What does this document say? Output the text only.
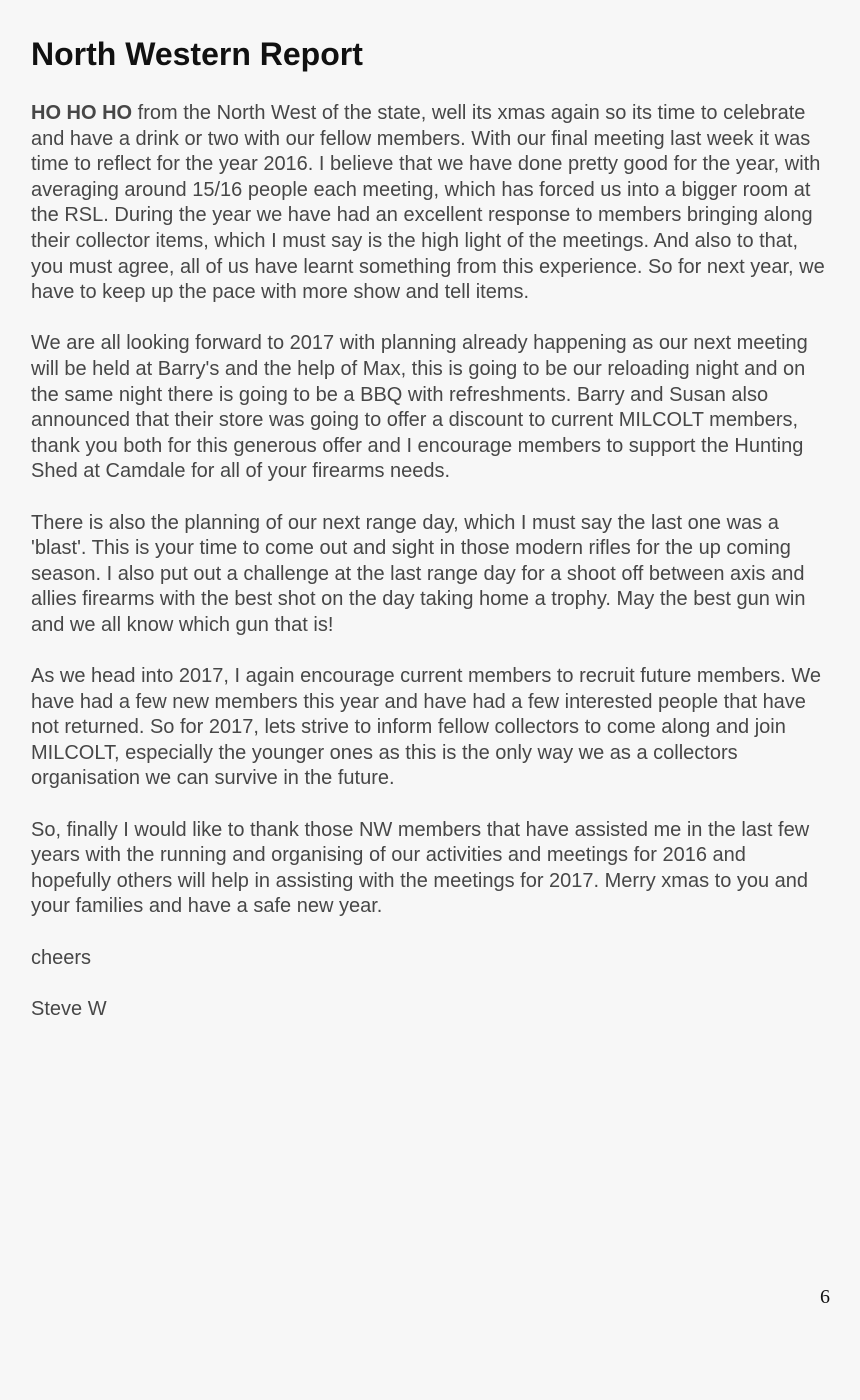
North Western Report

HO HO HO from the North West of the state, well its xmas again so its time to celebrate and have a drink or two with our fellow members. With our final meeting last week it was time to reflect for the year 2016. I believe that we have done pretty good for the year, with averaging around 15/16 people each meeting, which has forced us into a bigger room at the RSL. During the year we have had an excellent response to members bringing along their collector items, which I must say is the high light of the meetings. And also to that, you must agree, all of us have learnt something from this experience. So for next year, we have to keep up the pace with more show and tell items.

We are all looking forward to 2017 with planning already happening as our next meeting will be held at Barry's and the help of Max, this is going to be our reloading night and on the same night there is going to be a BBQ with refreshments. Barry and Susan also announced that their store was going to offer a discount to current MILCOLT members, thank you both for this generous offer and I encourage members to support the Hunting Shed at Camdale for all of your firearms needs.

There is also the planning of our next range day, which I must say the last one was a 'blast'. This is your time to come out and sight in those modern rifles for the up coming season. I also put out a challenge at the last range day for a shoot off between axis and allies firearms with the best shot on the day taking home a trophy. May the best gun win and we all know which gun that is!

As we head into 2017, I again encourage current members to recruit future members. We have had a few new members this year and have had a few interested people that have not returned. So for 2017, lets strive to inform fellow collectors to come along and join MILCOLT, especially the younger ones as this is the only way we as a collectors organisation we can survive in the future.

So, finally I would like to thank those NW members that have assisted me in the last few years with the running and organising of our activities and meetings for 2016 and hopefully others will help in assisting with the meetings for 2017. Merry xmas to you and your families and have a safe new year.

cheers

Steve W

6
